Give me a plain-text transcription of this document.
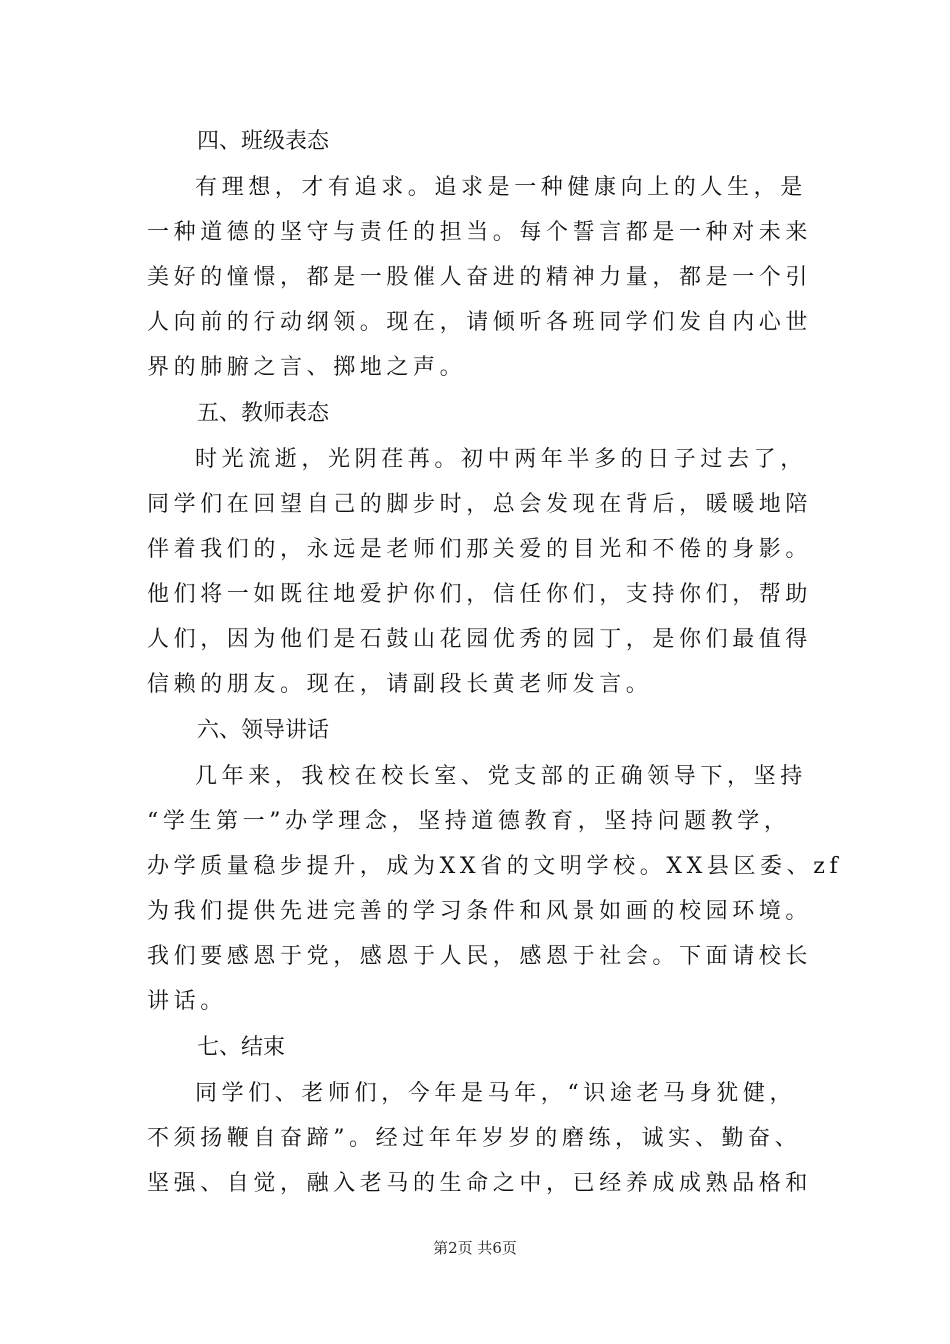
四、班级表态

有理想，才有追求。追求是一种健康向上的人生，是

一种道德的坚守与责任的担当。每个誓言都是一种对未来

美好的憧憬，都是一股催人奋进的精神力量，都是一个引

人向前的行动纲领。现在，请倾听各班同学们发自内心世

界的肺腑之言、掷地之声。

五、教师表态

时光流逝，光阴荏苒。初中两年半多的日子过去了，

同学们在回望自己的脚步时，总会发现在背后，暖暖地陪

伴着我们的，永远是老师们那关爱的目光和不倦的身影。

他们将一如既往地爱护你们，信任你们，支持你们，帮助

人们，因为他们是石鼓山花园优秀的园丁，是你们最值得

信赖的朋友。现在，请副段长黄老师发言。

六、领导讲话

几年来，我校在校长室、党支部的正确领导下，坚持

“学生第一”办学理念，坚持道德教育，坚持问题教学，

办学质量稳步提升，成为XX省的文明学校。XX县区委、zf

为我们提供先进完善的学习条件和风景如画的校园环境。

我们要感恩于党，感恩于人民，感恩于社会。下面请校长

讲话。

七、结束

同学们、老师们，今年是马年，“识途老马身犹健，

不须扬鞭自奋蹄”。经过年年岁岁的磨练，诚实、勤奋、

坚强、自觉，融入老马的生命之中，已经养成成熟品格和

第2页 共6页
